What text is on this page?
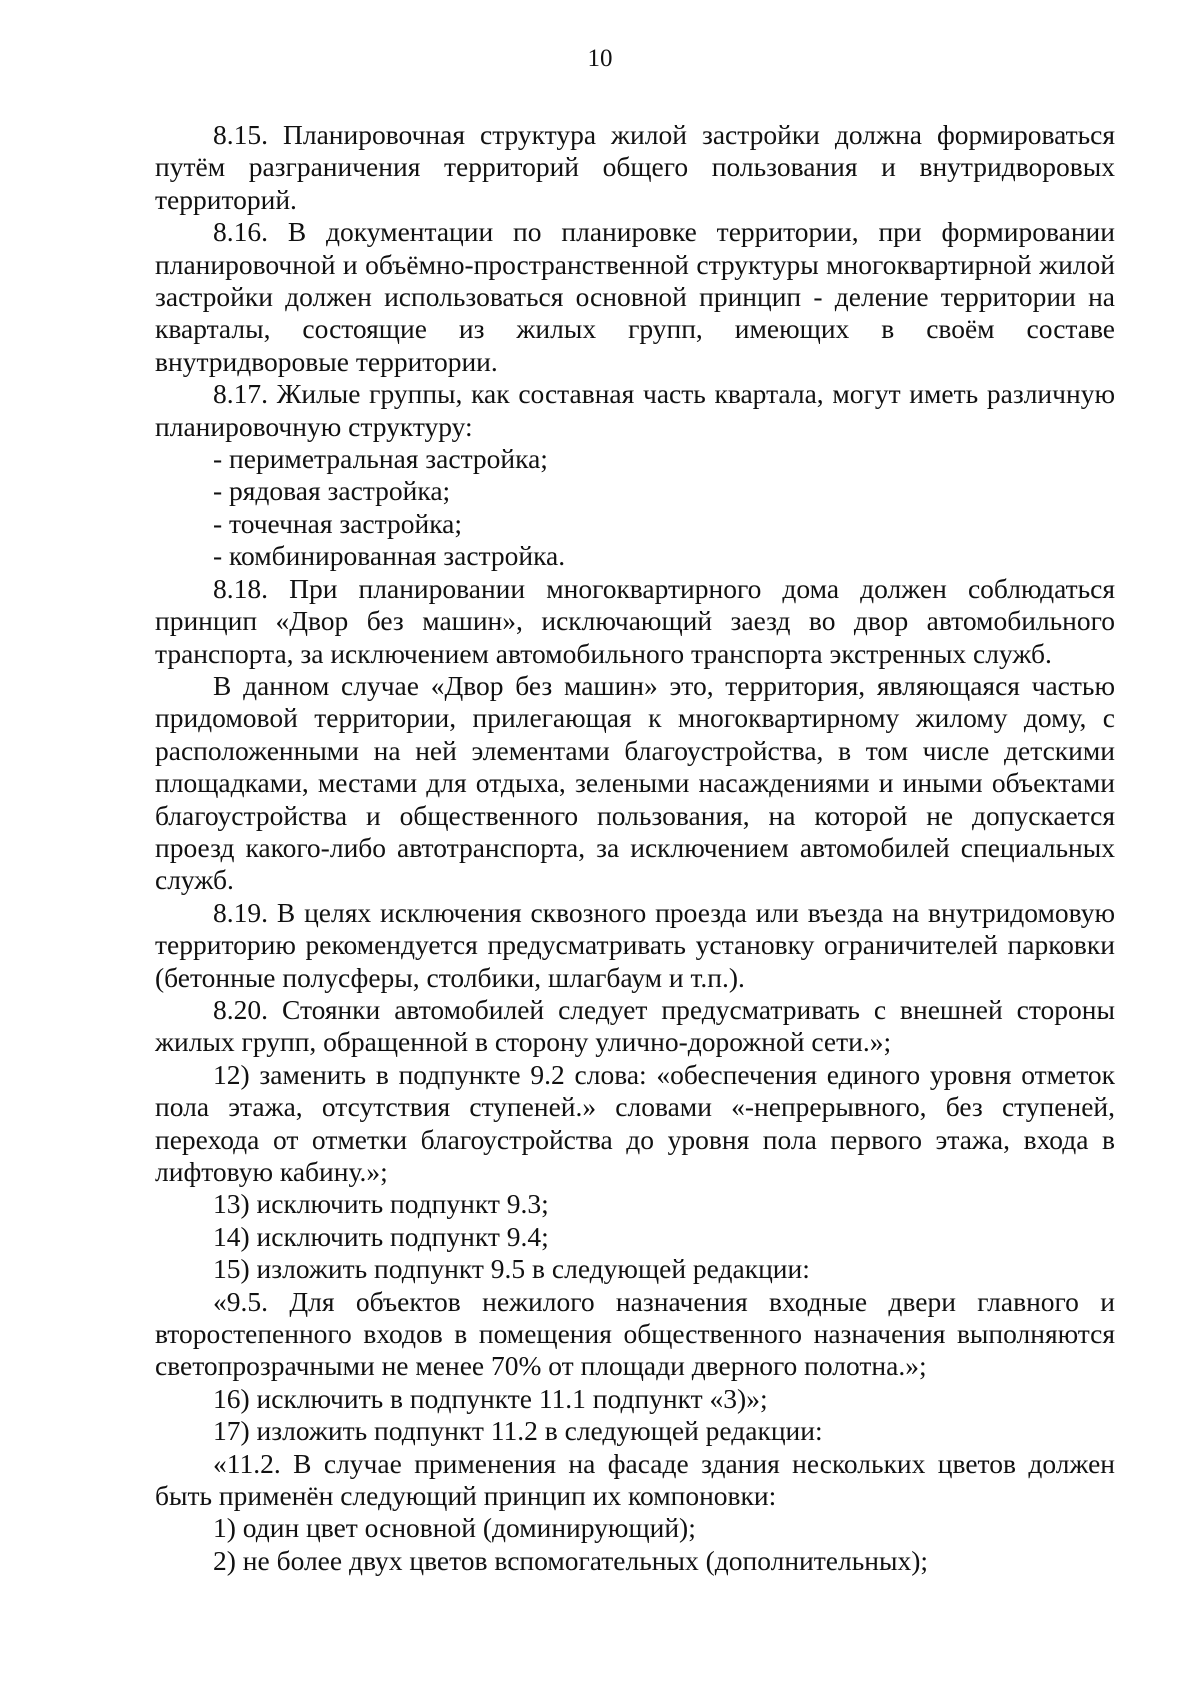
10

8.15. Планировочная структура жилой застройки должна формироваться путём разграничения территорий общего пользования и внутридворовых территорий.

8.16. В документации по планировке территории, при формировании планировочной и объёмно-пространственной структуры многоквартирной жилой застройки должен использоваться основной принцип - деление территории на кварталы, состоящие из жилых групп, имеющих в своём составе внутридворовые территории.

8.17. Жилые группы, как составная часть квартала, могут иметь различную планировочную структуру:

- периметральная застройка;

- рядовая застройка;

- точечная застройка;

- комбинированная застройка.

8.18. При планировании многоквартирного дома должен соблюдаться принцип «Двор без машин», исключающий заезд во двор автомобильного транспорта, за исключением автомобильного транспорта экстренных служб.

В данном случае «Двор без машин» это, территория, являющаяся частью придомовой территории, прилегающая к многоквартирному жилому дому, с расположенными на ней элементами благоустройства, в том числе детскими площадками, местами для отдыха, зелеными насаждениями и иными объектами благоустройства и общественного пользования, на которой не допускается проезд какого-либо автотранспорта, за исключением автомобилей специальных служб.

8.19. В целях исключения сквозного проезда или въезда на внутридомовую территорию рекомендуется предусматривать установку ограничителей парковки (бетонные полусферы, столбики, шлагбаум и т.п.).

8.20. Стоянки автомобилей следует предусматривать с внешней стороны жилых групп, обращенной в сторону улично-дорожной сети.»;

12) заменить в подпункте 9.2 слова: «обеспечения единого уровня отметок пола этажа, отсутствия ступеней.» словами «-непрерывного, без ступеней, перехода от отметки благоустройства до уровня пола первого этажа, входа в лифтовую кабину.»;

13) исключить подпункт 9.3;

14) исключить подпункт 9.4;

15) изложить подпункт 9.5 в следующей редакции:

«9.5. Для объектов нежилого назначения входные двери главного и второстепенного входов в помещения общественного назначения выполняются светопрозрачными не менее 70% от площади дверного полотна.»;

16) исключить в подпункте 11.1 подпункт «3)»;

17) изложить подпункт 11.2 в следующей редакции:

«11.2. В случае применения на фасаде здания нескольких цветов должен быть применён следующий принцип их компоновки:

1) один цвет основной (доминирующий);

2) не более двух цветов вспомогательных (дополнительных);
